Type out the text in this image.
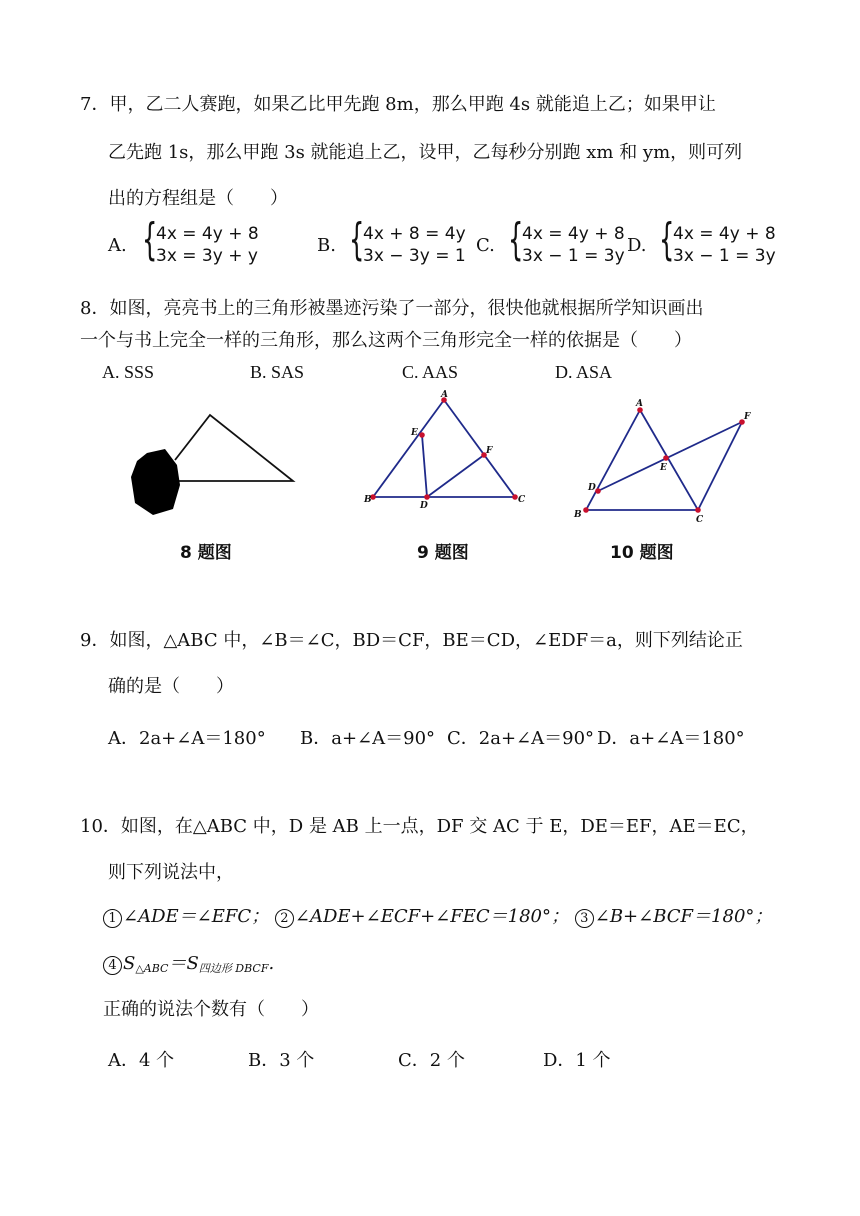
7．甲，乙二人赛跑，如果乙比甲先跑 8m，那么甲跑 4s 就能追上乙；如果甲让
乙先跑 1s，那么甲跑 3s 就能追上乙，设甲，乙每秒分别跑 xm 和 ym，则可列
出的方程组是（　　）
A. {
4x = 4y + 8
3x = 3y + y	B. {
4x + 8 = 4y
3x − 3y = 1 C. {
4x = 4y + 8
3x − 1 = 3y D. {
4x = 4y + 8
3x − 1 = 3y
8．如图，亮亮书上的三角形被墨迹污染了一部分，很快他就根据所学知识画出
一个与书上完全一样的三角形，那么这两个三角形完全一样的依据是（　　）
A. SSS	B. SAS	C. AAS	D. ASA
A
E
F
B
D
C
A
F
E
D
B	C
8 题图	9 题图	10 题图
9．如图，△ABC 中，∠B＝∠C，BD＝CF，BE＝CD，∠EDF＝a，则下列结论正
确的是（　　）
A．2a+∠A＝180° B．a+∠A＝90° C．2a+∠A＝90° D．a+∠A＝180°
10．如图，在△ABC 中，D 是 AB 上一点，DF 交 AC 于 E，DE＝EF，AE＝EC，
则下列说法中，
1 ∠ADE＝∠EFC； 2 ∠ADE+∠ECF+∠FEC＝180°； 3 ∠B+∠BCF＝180°；
4 $S_{\triangle ABC}=S_{四边形 DBCF}$.
正确的说法个数有（　　）
A．4 个	B．3 个	C．2 个	D．1 个
